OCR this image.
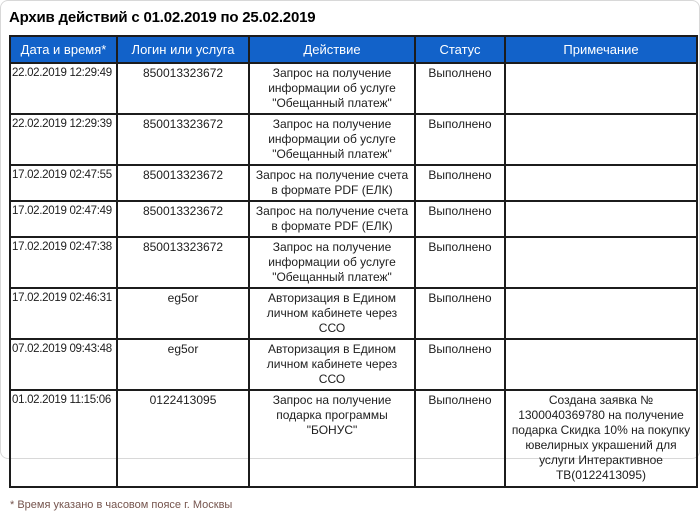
Архив действий с 01.02.2019 по 25.02.2019
Дата и время*	Логин или услуга	Действие	Статус	Примечание
22.02.2019 12:29:49	850013323672	Запрос на получение информации об услуге "Обещанный платеж"	Выполнено	
22.02.2019 12:29:39	850013323672	Запрос на получение информации об услуге "Обещанный платеж"	Выполнено	
17.02.2019 02:47:55	850013323672	Запрос на получение счета в формате PDF (ЕЛК)	Выполнено	
17.02.2019 02:47:49	850013323672	Запрос на получение счета в формате PDF (ЕЛК)	Выполнено	
17.02.2019 02:47:38	850013323672	Запрос на получение информации об услуге "Обещанный платеж"	Выполнено	
17.02.2019 02:46:31	eg5or	Авторизация в Едином личном кабинете через ССО	Выполнено	
07.02.2019 09:43:48	eg5or	Авторизация в Едином личном кабинете через ССО	Выполнено	
01.02.2019 11:15:06	0122413095	Запрос на получение подарка программы "БОНУС"	Выполнено	Создана заявка № 1300040369780 на получение подарка Скидка 10% на покупку ювелирных украшений для услуги Интерактивное ТВ(0122413095)
* Время указано в часовом поясе г. Москвы
